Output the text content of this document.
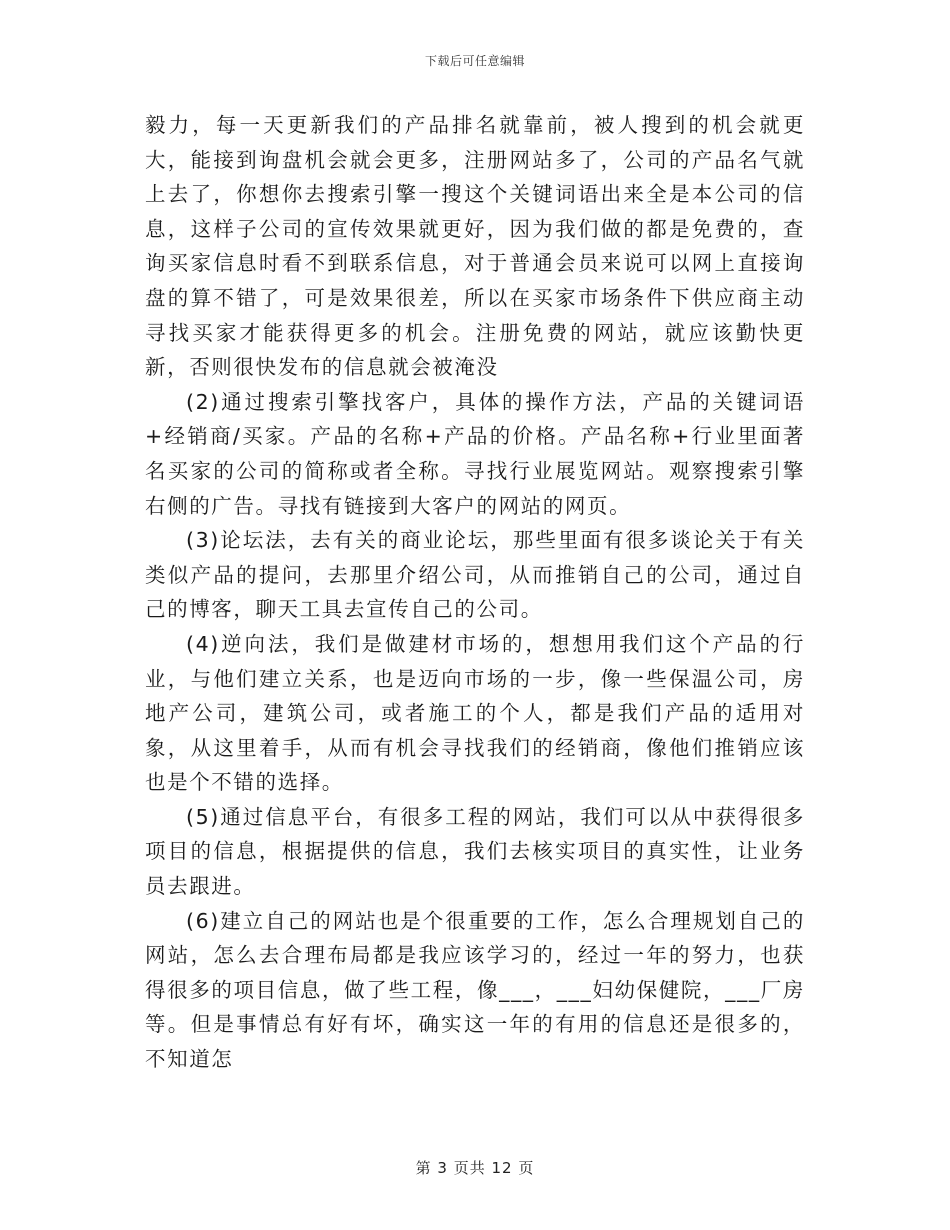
下载后可任意编辑

毅力，每一天更新我们的产品排名就靠前，被人搜到的机会就更大，能接到询盘机会就会更多，注册网站多了，公司的产品名气就上去了，你想你去搜索引擎一搜这个关键词语出来全是本公司的信息，这样子公司的宣传效果就更好，因为我们做的都是免费的，查询买家信息时看不到联系信息，对于普通会员来说可以网上直接询盘的算不错了，可是效果很差，所以在买家市场条件下供应商主动寻找买家才能获得更多的机会。注册免费的网站，就应该勤快更新，否则很快发布的信息就会被淹没

(2)通过搜索引擎找客户，具体的操作方法，产品的关键词语+经销商/买家。产品的名称+产品的价格。产品名称+行业里面著名买家的公司的简称或者全称。寻找行业展览网站。观察搜索引擎右侧的广告。寻找有链接到大客户的网站的网页。

(3)论坛法，去有关的商业论坛，那些里面有很多谈论关于有关类似产品的提问，去那里介绍公司，从而推销自己的公司，通过自己的博客，聊天工具去宣传自己的公司。

(4)逆向法，我们是做建材市场的，想想用我们这个产品的行业，与他们建立关系，也是迈向市场的一步，像一些保温公司，房地产公司，建筑公司，或者施工的个人，都是我们产品的适用对象，从这里着手，从而有机会寻找我们的经销商，像他们推销应该也是个不错的选择。

(5)通过信息平台，有很多工程的网站，我们可以从中获得很多项目的信息，根据提供的信息，我们去核实项目的真实性，让业务员去跟进。

(6)建立自己的网站也是个很重要的工作，怎么合理规划自己的网站，怎么去合理布局都是我应该学习的，经过一年的努力，也获得很多的项目信息，做了些工程，像___，___妇幼保健院，___厂房等。但是事情总有好有坏，确实这一年的有用的信息还是很多的，不知道怎

第 3 页共 12 页
